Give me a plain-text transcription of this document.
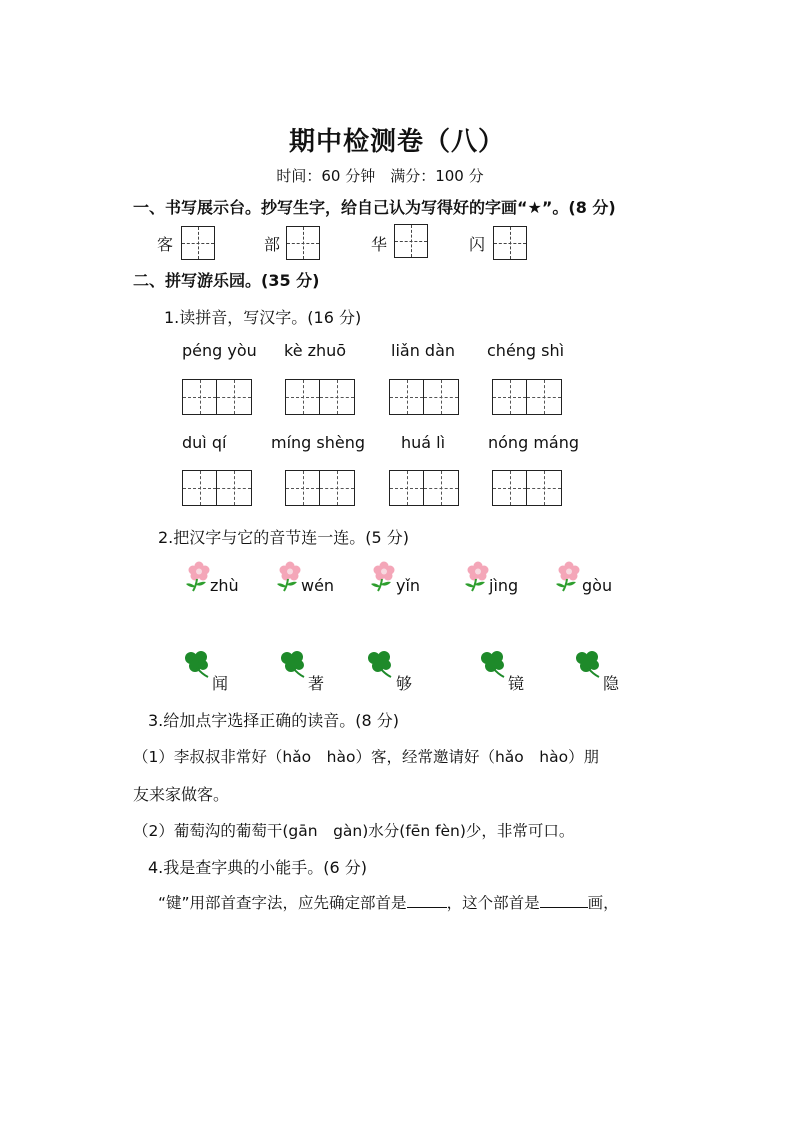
期中检测卷（八）
时间：60 分钟　满分：100 分
一、书写展示台。抄写生字，给自己认为写得好的字画“★”。(8 分)
客	部	华	闪
二、拼写游乐园。(35 分)
1.读拼音，写汉字。(16 分)
péng yòu kè zhuō	liǎn dàn chéng shì
duì qí	míng shèng huá lì	nóng máng
2.把汉字与它的音节连一连。(5 分)
zhù	wén	yǐn	jìng	gòu
闻	著	够	镜	隐
3.给加点字选择正确的读音。(8 分)
（1）李叔叔非常好（hǎo　hào）客，经常邀请好（hǎo　hào）朋
友来家做客。
（2）葡萄沟的葡萄干(gān　gàn)水分(fēn fèn)少，非常可口。
4.我是查字典的小能手。(6 分)
“键”用部首查字法，应先确定部首是	，这个部首是	画，
